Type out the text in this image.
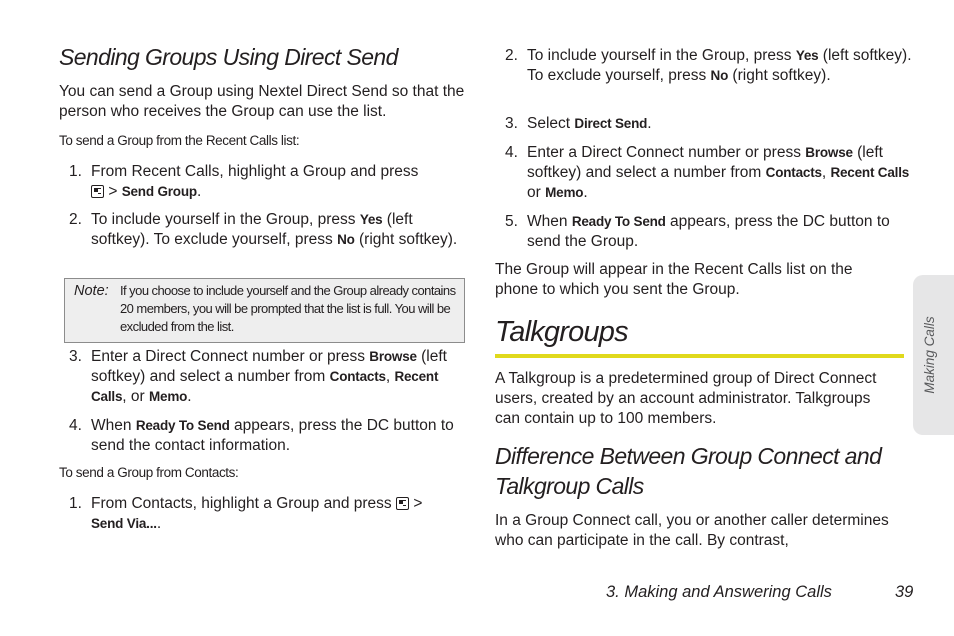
Sending Groups Using Direct Send

You can send a Group using Nextel Direct Send so that the person who receives the Group can use the list.

To send a Group from the Recent Calls list:

1. From Recent Calls, highlight a Group and press
> Send Group.
2. To include yourself in the Group, press Yes (left softkey). To exclude yourself, press No (right softkey).
3. Enter a Direct Connect number or press Browse (left softkey) and select a number from Contacts, Recent Calls, or Memo.
4. When Ready To Send appears, press the DC button to send the contact information.

To send a Group from Contacts:

1. From Contacts, highlight a Group and press >
Send Via....
Note: If you choose to include yourself and the Group already contains 20 members, you will be prompted that the list is full. You will be excluded from the list.
2. To include yourself in the Group, press Yes (left softkey). To exclude yourself, press No (right softkey).
3. Select Direct Send.
4. Enter a Direct Connect number or press Browse (left softkey) and select a number from Contacts, Recent Calls or Memo.
5. When Ready To Send appears, press the DC button to send the Group.

The Group will appear in the Recent Calls list on the phone to which you sent the Group.

Talkgroups

A Talkgroup is a predetermined group of Direct Connect users, created by an account administrator. Talkgroups can contain up to 100 members.

Difference Between Group Connect and Talkgroup Calls

In a Group Connect call, you or another caller determines who can participate in the call. By contrast,

Making Calls
3. Making and Answering Calls	39
